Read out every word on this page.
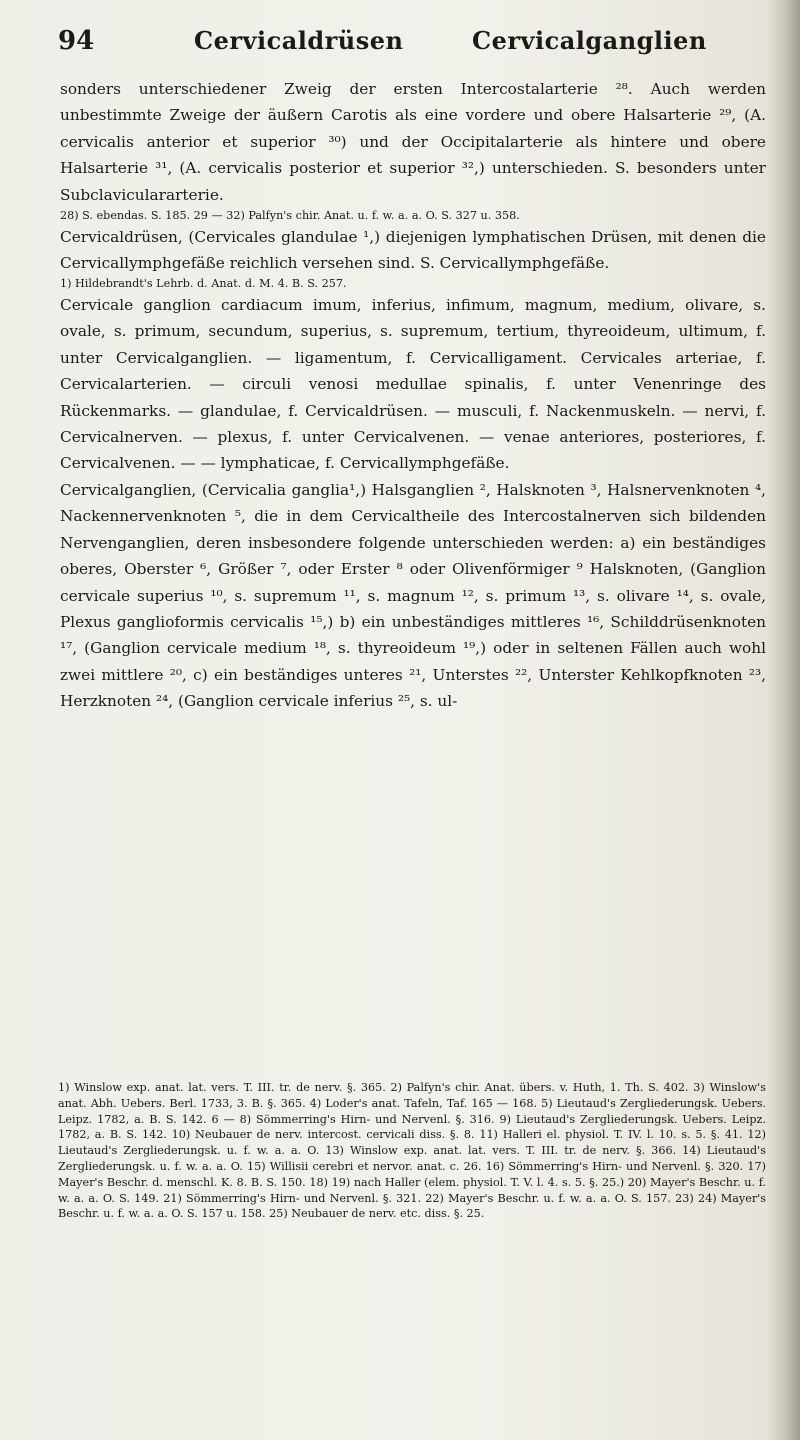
94	Cervicaldrüsen	Cervicalganglien

sonders unterschiedener Zweig der ersten Intercostalarterie ²⁸. Auch werden unbestimmte Zweige der äußern Carotis als eine vordere und obere Halsarterie ²⁹, (A. cervicalis anterior et superior ³⁰) und der Occipitalarterie als hintere und obere Halsarterie ³¹, (A. cervicalis posterior et superior ³²,) unterschieden. S. besonders unter Subclaviculararterie.

28) S. ebendas. S. 185. 29 — 32) Palfyn's chir. Anat. u. f. w. a. a. O. S. 327 u. 358.

Cervicaldrüsen, (Cervicales glandulae ¹,) diejenigen lymphatischen Drüsen, mit denen die Cervicallymphgefäße reichlich versehen sind. S. Cervicallymphgefäße.

1) Hildebrandt's Lehrb. d. Anat. d. M. 4. B. S. 257.

Cervicale ganglion cardiacum imum, inferius, infimum, magnum, medium, olivare, s. ovale, s. primum, secundum, superius, s. supremum, tertium, thyreoideum, ultimum, f. unter Cervicalganglien. — ligamentum, f. Cervicalligament. Cervicales arteriae, f. Cervicalarterien. — circuli venosi medullae spinalis, f. unter Venenringe des Rückenmarks. — glandulae, f. Cervicaldrüsen. — musculi, f. Nackenmuskeln. — nervi, f. Cervicalnerven. — plexus, f. unter Cervicalvenen. — venae anteriores, posteriores, f. Cervicalvenen. — — lymphaticae, f. Cervicallymphgefäße.

Cervicalganglien, (Cervicalia ganglia¹,) Halsganglien ², Halsknoten ³, Halsnervenknoten ⁴, Nackennervenknoten ⁵, die in dem Cervicaltheile des Intercostalnerven sich bildenden Nervenganglien, deren insbesondere folgende unterschieden werden: a) ein beständiges oberes, Oberster ⁶, Größer ⁷, oder Erster ⁸ oder Olivenförmiger ⁹ Halsknoten, (Ganglion cervicale superius ¹⁰, s. supremum ¹¹, s. magnum ¹², s. primum ¹³, s. olivare ¹⁴, s. ovale, Plexus ganglioformis cervicalis ¹⁵,) b) ein unbeständiges mittleres ¹⁶, Schilddrüsenknoten ¹⁷, (Ganglion cervicale medium ¹⁸, s. thyreoideum ¹⁹,) oder in seltenen Fällen auch wohl zwei mittlere ²⁰, c) ein beständiges unteres ²¹, Unterstes ²², Unterster Kehlkopfknoten ²³, Herzknoten ²⁴, (Ganglion cervicale inferius ²⁵, s. ul-

1) Winslow exp. anat. lat. vers. T. III. tr. de nerv. §. 365. 2) Palfyn's chir. Anat. übers. v. Huth, 1. Th. S. 402. 3) Winslow's anat. Abh. Uebers. Berl. 1733, 3. B. §. 365. 4) Loder's anat. Tafeln, Taf. 165 — 168. 5) Lieutaud's Zergliederungsk. Uebers. Leipz. 1782, a. B. S. 142. 6 — 8) Sömmerring's Hirn- und Nervenl. §. 316. 9) Lieutaud's Zergliederungsk. Uebers. Leipz. 1782, a. B. S. 142. 10) Neubauer de nerv. intercost. cervicali diss. §. 8. 11) Halleri el. physiol. T. IV. l. 10. s. 5. §. 41. 12) Lieutaud's Zergliederungsk. u. f. w. a. a. O. 13) Winslow exp. anat. lat. vers. T. III. tr. de nerv. §. 366. 14) Lieutaud's Zergliederungsk. u. f. w. a. a. O. 15) Willisii cerebri et nervor. anat. c. 26. 16) Sömmerring's Hirn- und Nervenl. §. 320. 17) Mayer's Beschr. d. menschl. K. 8. B. S. 150. 18) 19) nach Haller (elem. physiol. T. V. l. 4. s. 5. §. 25.) 20) Mayer's Beschr. u. f. w. a. a. O. S. 149. 21) Sömmerring's Hirn- und Nervenl. §. 321. 22) Mayer's Beschr. u. f. w. a. a. O. S. 157. 23) 24) Mayer's Beschr. u. f. w. a. a. O. S. 157 u. 158. 25) Neubauer de nerv. etc. diss. §. 25.
